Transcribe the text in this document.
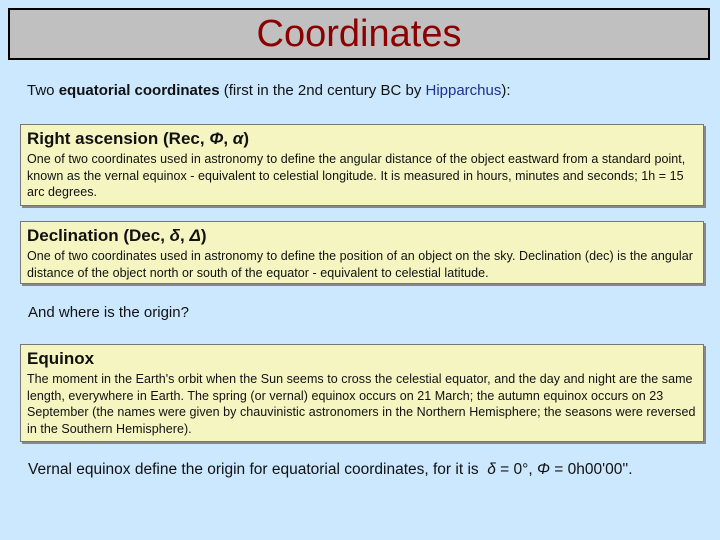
Coordinates
Two equatorial coordinates (first in the 2nd century BC by Hipparchus):
Right ascension (Rec, Φ, α)

One of two coordinates used in astronomy to define the angular distance of the object eastward from a standard point, known as the vernal equinox - equivalent to celestial longitude. It is measured in hours, minutes and seconds; 1h = 15 arc degrees.

Declination (Dec, δ, Δ)

One of two coordinates used in astronomy to define the position of an object on the sky. Declination (dec) is the angular distance of the object north or south of the equator - equivalent to celestial latitude.

And where is the origin?
Equinox

The moment in the Earth's orbit when the Sun seems to cross the celestial equator, and the day and night are the same length, everywhere in Earth. The spring (or vernal) equinox occurs on 21 March; the autumn equinox occurs on 23 September (the names were given by chauvinistic astronomers in the Northern Hemisphere; the seasons were reversed in the Southern Hemisphere).

Vernal equinox define the origin for equatorial coordinates, for it is  δ = 0°, Φ = 0h00'00''.
